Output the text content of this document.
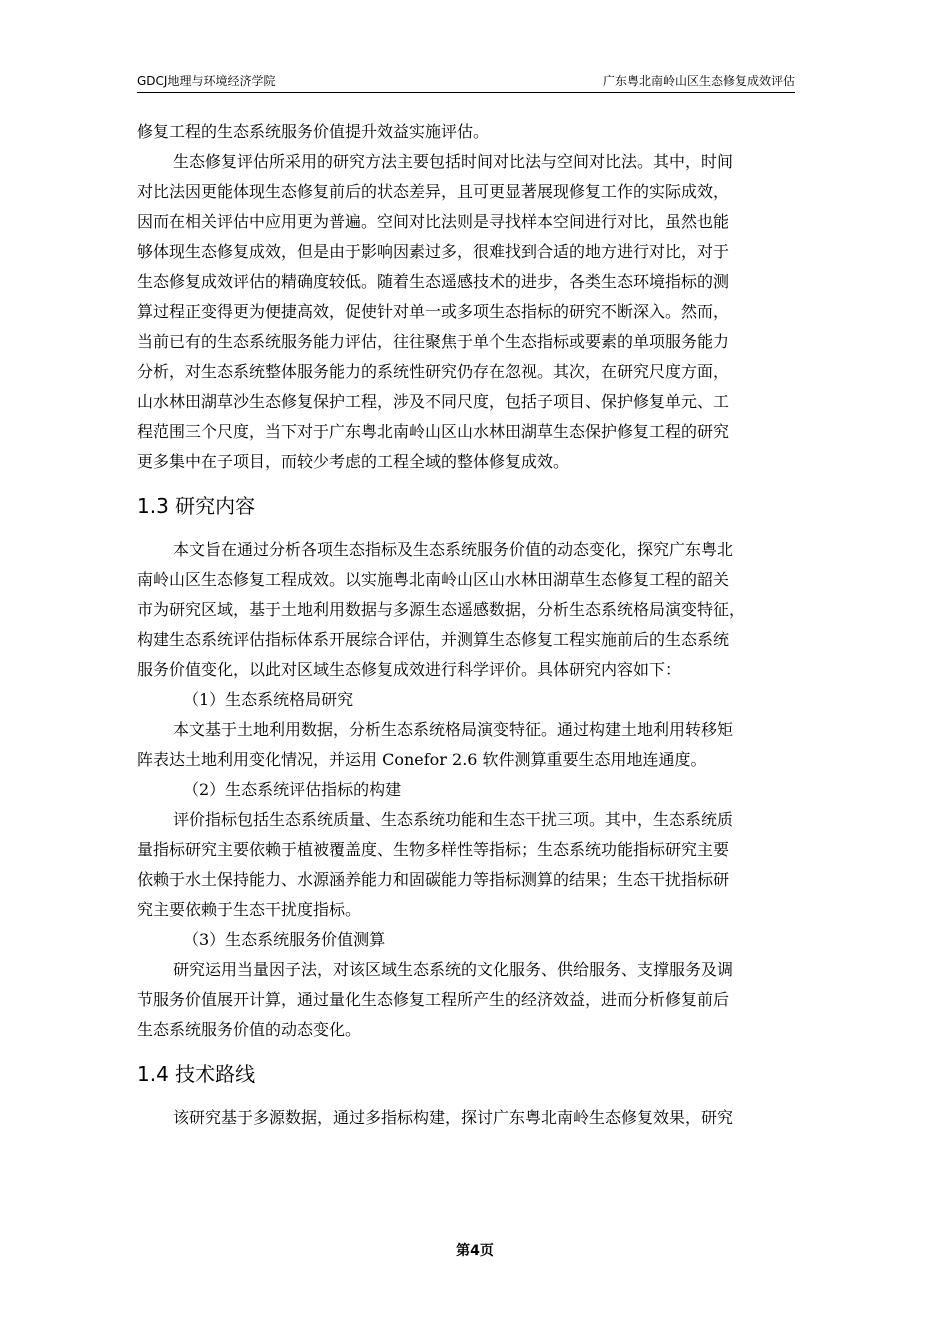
GDCJ地理与环境经济学院	广东粤北南岭山区生态修复成效评估
修复工程的生态系统服务价值提升效益实施评估。
生态修复评估所采用的研究方法主要包括时间对比法与空间对比法。其中，时间
对比法因更能体现生态修复前后的状态差异，且可更显著展现修复工作的实际成效，
因而在相关评估中应用更为普遍。空间对比法则是寻找样本空间进行对比，虽然也能
够体现生态修复成效，但是由于影响因素过多，很难找到合适的地方进行对比，对于
生态修复成效评估的精确度较低。随着生态遥感技术的进步，各类生态环境指标的测
算过程正变得更为便捷高效，促使针对单一或多项生态指标的研究不断深入。然而，
当前已有的生态系统服务能力评估，往往聚焦于单个生态指标或要素的单项服务能力
分析，对生态系统整体服务能力的系统性研究仍存在忽视。其次，在研究尺度方面，
山水林田湖草沙生态修复保护工程，涉及不同尺度，包括子项目、保护修复单元、工
程范围三个尺度，当下对于广东粤北南岭山区山水林田湖草生态保护修复工程的研究
更多集中在子项目，而较少考虑的工程全域的整体修复成效。
1.3 研究内容
本文旨在通过分析各项生态指标及生态系统服务价值的动态变化，探究广东粤北
南岭山区生态修复工程成效。以实施粤北南岭山区山水林田湖草生态修复工程的韶关
市为研究区域，基于土地利用数据与多源生态遥感数据，分析生态系统格局演变特征，
构建生态系统评估指标体系开展综合评估，并测算生态修复工程实施前后的生态系统
服务价值变化，以此对区域生态修复成效进行科学评价。具体研究内容如下：
（1）生态系统格局研究
本文基于土地利用数据，分析生态系统格局演变特征。通过构建土地利用转移矩
阵表达土地利用变化情况，并运用 Conefor 2.6 软件测算重要生态用地连通度。
（2）生态系统评估指标的构建
评价指标包括生态系统质量、生态系统功能和生态干扰三项。其中，生态系统质
量指标研究主要依赖于植被覆盖度、生物多样性等指标；生态系统功能指标研究主要
依赖于水土保持能力、水源涵养能力和固碳能力等指标测算的结果；生态干扰指标研
究主要依赖于生态干扰度指标。
（3）生态系统服务价值测算
研究运用当量因子法，对该区域生态系统的文化服务、供给服务、支撑服务及调
节服务价值展开计算，通过量化生态修复工程所产生的经济效益，进而分析修复前后
生态系统服务价值的动态变化。
1.4 技术路线
该研究基于多源数据，通过多指标构建，探讨广东粤北南岭生态修复效果，研究
第4页
